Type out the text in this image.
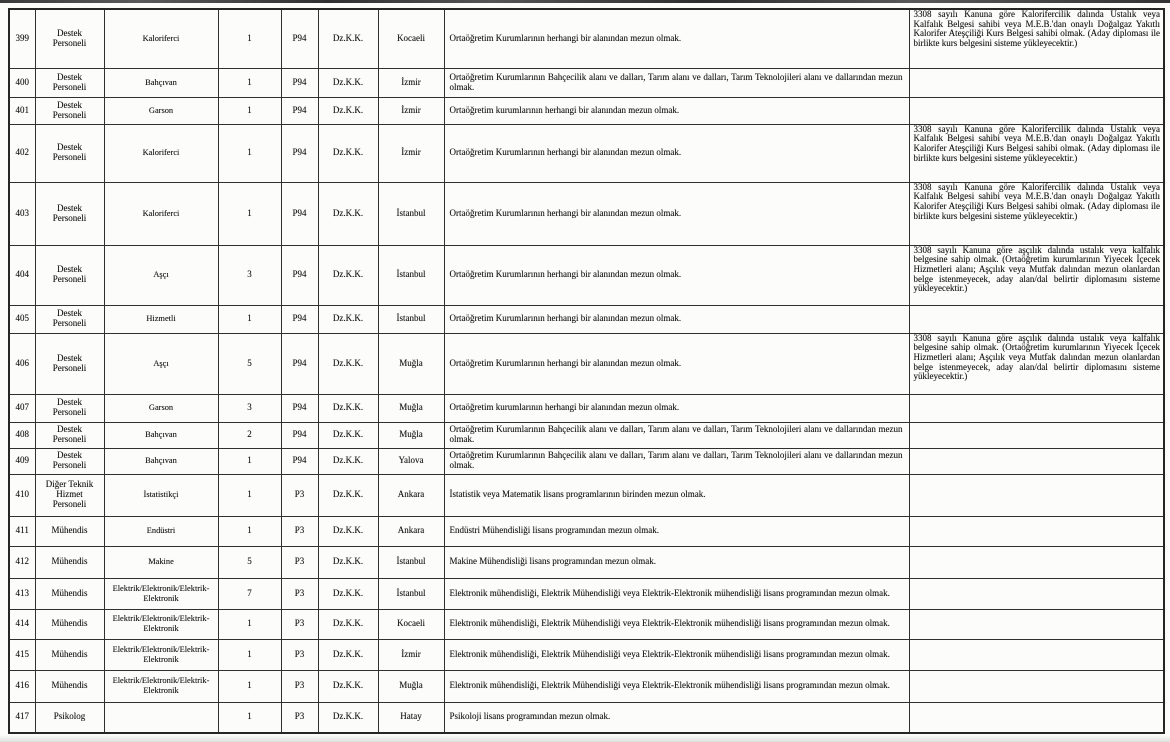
399	Destek Personeli	Kaloriferci	1	P94	Dz.K.K.	Kocaeli	Ortaöğretim Kurumlarının herhangi bir alanından mezun olmak.	3308 sayılı Kanuna göre Kalorifercilik dalında Ustalık veya Kalfalık Belgesi sahibi veya M.E.B.'dan onaylı Doğalgaz Yakıtlı Kalorifer Ateşçiliği Kurs Belgesi sahibi olmak. (Aday diploması ile birlikte kurs belgesini sisteme yükleyecektir.)
400	Destek Personeli	Bahçıvan	1	P94	Dz.K.K.	İzmir	Ortaöğretim Kurumlarının Bahçecilik alanı ve dalları, Tarım alanı ve dalları, Tarım Teknolojileri alanı ve dallarından mezun olmak.	
401	Destek Personeli	Garson	1	P94	Dz.K.K.	İzmir	Ortaöğretim kurumlarının herhangi bir alanından mezun olmak.	
402	Destek Personeli	Kaloriferci	1	P94	Dz.K.K.	İzmir	Ortaöğretim Kurumlarının herhangi bir alanından mezun olmak.	3308 sayılı Kanuna göre Kalorifercilik dalında Ustalık veya Kalfalık Belgesi sahibi veya M.E.B.'dan onaylı Doğalgaz Yakıtlı Kalorifer Ateşçiliği Kurs Belgesi sahibi olmak. (Aday diploması ile birlikte kurs belgesini sisteme yükleyecektir.)
403	Destek Personeli	Kaloriferci	1	P94	Dz.K.K.	İstanbul	Ortaöğretim Kurumlarının herhangi bir alanından mezun olmak.	3308 sayılı Kanuna göre Kalorifercilik dalında Ustalık veya Kalfalık Belgesi sahibi veya M.E.B.'dan onaylı Doğalgaz Yakıtlı Kalorifer Ateşçiliği Kurs Belgesi sahibi olmak. (Aday diploması ile birlikte kurs belgesini sisteme yükleyecektir.)
404	Destek Personeli	Aşçı	3	P94	Dz.K.K.	İstanbul	Ortaöğretim Kurumlarının herhangi bir alanından mezun olmak.	3308 sayılı Kanuna göre aşçılık dalında ustalık veya kalfalık belgesine sahip olmak. (Ortaöğretim kurumlarının Yiyecek İçecek Hizmetleri alanı; Aşçılık veya Mutfak dalından mezun olanlardan belge istenmeyecek, aday alan/dal belirtir diplomasını sisteme yükleyecektir.)
405	Destek Personeli	Hizmetli	1	P94	Dz.K.K.	İstanbul	Ortaöğretim Kurumlarının herhangi bir alanından mezun olmak.	
406	Destek Personeli	Aşçı	5	P94	Dz.K.K.	Muğla	Ortaöğretim Kurumlarının herhangi bir alanından mezun olmak.	3308 sayılı Kanuna göre aşçılık dalında ustalık veya kalfalık belgesine sahip olmak. (Ortaöğretim kurumlarının Yiyecek İçecek Hizmetleri alanı; Aşçılık veya Mutfak dalından mezun olanlardan belge istenmeyecek, aday alan/dal belirtir diplomasını sisteme yükleyecektir.)
407	Destek Personeli	Garson	3	P94	Dz.K.K.	Muğla	Ortaöğretim kurumlarının herhangi bir alanından mezun olmak.	
408	Destek Personeli	Bahçıvan	2	P94	Dz.K.K.	Muğla	Ortaöğretim Kurumlarının Bahçecilik alanı ve dalları, Tarım alanı ve dalları, Tarım Teknolojileri alanı ve dallarından mezun olmak.	
409	Destek Personeli	Bahçıvan	1	P94	Dz.K.K.	Yalova	Ortaöğretim Kurumlarının Bahçecilik alanı ve dalları, Tarım alanı ve dalları, Tarım Teknolojileri alanı ve dallarından mezun olmak.	
410	Diğer Teknik Hizmet Personeli	İstatistikçi	1	P3	Dz.K.K.	Ankara	İstatistik veya Matematik lisans programlarının birinden mezun olmak.	
411	Mühendis	Endüstri	1	P3	Dz.K.K.	Ankara	Endüstri Mühendisliği lisans programından mezun olmak.	
412	Mühendis	Makine	5	P3	Dz.K.K.	İstanbul	Makine Mühendisliği lisans programından mezun olmak.	
413	Mühendis	Elektrik/Elektronik/Elektrik-Elektronik	7	P3	Dz.K.K.	İstanbul	Elektronik mühendisliği, Elektrik Mühendisliği veya Elektrik-Elektronik mühendisliği lisans programından mezun olmak.	
414	Mühendis	Elektrik/Elektronik/Elektrik-Elektronik	1	P3	Dz.K.K.	Kocaeli	Elektronik mühendisliği, Elektrik Mühendisliği veya Elektrik-Elektronik mühendisliği lisans programından mezun olmak.	
415	Mühendis	Elektrik/Elektronik/Elektrik-Elektronik	1	P3	Dz.K.K.	İzmir	Elektronik mühendisliği, Elektrik Mühendisliği veya Elektrik-Elektronik mühendisliği lisans programından mezun olmak.	
416	Mühendis	Elektrik/Elektronik/Elektrik-Elektronik	1	P3	Dz.K.K.	Muğla	Elektronik mühendisliği, Elektrik Mühendisliği veya Elektrik-Elektronik mühendisliği lisans programından mezun olmak.	
417	Psikolog		1	P3	Dz.K.K.	Hatay	Psikoloji lisans programından mezun olmak.	
